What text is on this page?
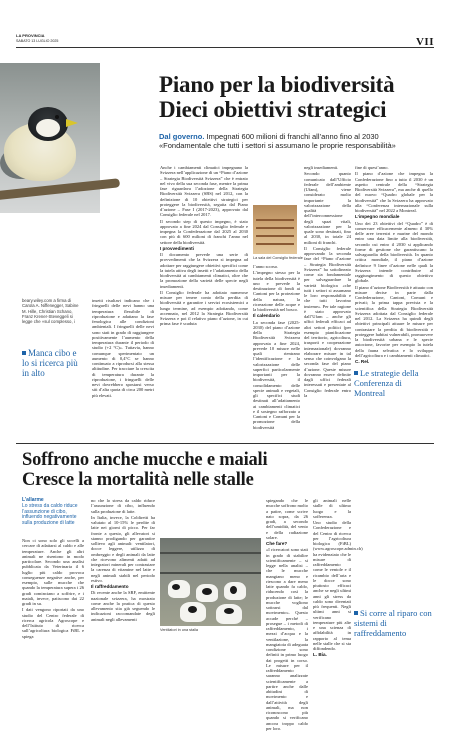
LA PROVINCIA
SABATO 13 LUGLIO 2025	VII
Piano per la biodiversità
Dieci obiettivi strategici
Dal governo. Impegnati 600 milioni di franchi all’anno fino al 2030
«Fondamentale che tutti i settori si assumano le proprie responsabilità»
beary.wiley.com a firma di Carola A. Niffenegger, Sabine M. Hille, Christian Schano, Franz Krener-Steveggeli si legge che «sul complesso, i
Manca cibo e lo si ricerca più in alto

insetti risultavi indicano che i fringuelli delle nevi hanno una temperatura flessibile di riproduzione e adattano la fase fenologica alle condizioni ambientali. I fringuelli delle nevi sono stati in grado di raggiungere positivamente l’aumento della temperatura durante il periodo di studio (+2 °C)». Tuttavia, hanno comunque sperimentato un aumento di 0,4°C se hanno continuato a riprodursi alla stessa altitudine. Per tracciare la crescita di temperatura durante la riproduzione, i fringuelli delle nevi dovrebbero spostarsi verso siti d’alta quota di circa 200 metri più elevati.

Anche i cambiamenti climatici impegnano la Svizzera nell’applicazione di un “Piano d’azione – Strategia Biodiversità Svizzera” che è entrato nel vivo della sua seconda fase, mentre la prima fase riguardava l’adozione della Strategia Biodiversità Svizzera (SBS) nel 2012, con la definizione di 10 obiettivi strategici per proteggere la biodiversità, seguita dal Piano d’azione – Fase I (2017-2023), approvato dal Consiglio federale nel 2017.

Il secondo step di questo impegno, è stato approvato a fine 2024 dal Consiglio federale e impegna la Confederazione dal 2025 al 2030 con più di 600 milioni di franchi l’anno nel settore della biodiversità.

I provvedimenti

Il documento prevede una serie di provvedimenti che la Svizzera si impegna ad adottare per raggiungere obiettivi specifici come la tutela attiva degli insetti e l’adattamento della biodiversità ai cambiamenti climatici, oltre che la promozione della varietà delle specie negli insediamenti.

Il Consiglio federale ha adottato numerose misure per tenere conto della perdita di biodiversità e garantire i servizi ecosistemici a lungo termine, ad esempio adottando, come accennato, nel 2012 la Strategia Biodiversità Svizzera e poi il relativo piano d’azione, in cui prima fase è scaduta

La sala del Consiglio federale

l’anno scorso.

L’impegno stesso per la tutela della biodiversità è uno e prevede la destinazione di fondi ai Cantoni per la protezione della natura, la ricreazione delle acque e la biodiversità nel bosco.

Il calendario

La seconda fase (2025-2030) del piano d’azione della Strategia Biodiversità Svizzera approvata a fine 2024, prevede 10 misure nelle quali rientrano l’identificazione e la valorizzazione delle superfici particolarmente importanti per la biodiversità, il consolidamento delle specie animali e vegetali, gli specifici studi destinati all’adattamento ai cambiamenti climatici e il sostegno rafforzato a Cantoni e Comuni per la promozione della biodiversità

negli insediamenti.

Secondo quanto comunicato dall’Ufficio federale dell’ambiente (Ufam), viene considerato molto importante la valorizzazione della qualità dell’interconnessione degli spazi vitali, valorizzazione per la quale sono destinati, fino al 2030, in totale 24 milioni di franchi.

Il Consiglio federale approvando la seconda fase del “Piano d’azione – Strategia Biodiversità Svizzera” ha sottolineato come sia fondamentale per salvaguardare la varietà biologica «che tutti i settori si assumano le loro responsabilità e che tutti lavorino insieme». Per tale ragione è stato approvato dall’Ufam – anche gli uffici federali efficaci ad altri settori politici (per esempio pianificazione del territorio, agricoltura, trasporti e cooperazione internazionale) dovranno elaborare misure in tal senso che coinvolgano la seconda fase del piano d’azione. Queste misure dovranno essere definite dagli uffici federali interessati e presentate al Consiglio federale entro la

fine di quest’anno.

Il piano d’azione che impegna la Confederazione fino a tutto il 2030 è un aspetto centrale della “Strategia Biodiversità Svizzera”, ma anche di quello del nuovo “Quadro globale per la biodiversità” che la Svizzera ha approvato alla “Conferenza internazionale sulla biodiversità” nel 2022 a Montreal.

L’impegno mondiale

Uno dei 23 obiettivi del “Quadro” è di conservare efficacemente almeno il 30% delle aree terrestri e marine del mondo entro una data limite alla biodiversità, secondo cui entro il 2030 si applicando forme di gestione che garantiscano la salvaguardia della biodiversità. In quanto critica mondiale, il piano d’azione definisce 9 linee d’azione nelle quali la Svizzera intende contribuire al raggiungimento di questo obiettivo globale.

Il piano d’azione Biodiversità è attuato con misure decise in parte dalla Confederazione, Cantoni, Comuni e privati; la prima tappa prevista e la scientifica della Strategia Biodiversità Svizzera adottata dal Consiglio federale nel 2012. La Svizzera ha quindi degli obiettivi principali attuare le misure per contrastare la perdita di biodiversità e proteggere habitat vulnerabili, promuovere la biodiversità urbana e le specie autoctone, favorire per esempio la tutela della fauna selvatica e lo sviluppo dell’agricoltura e i cambiamenti climatici.

C. Rel.

Le strategie della Conferenza di Montreal
Soffrono anche mucche e maiali
Cresce la mortalità nelle stalle
L’allarme
Lo stress da caldo riduce l’assunzione di cibo, influendo negativamente sulla produzione di latte

Non ci sono solo gli uccelli a cercare di adattarsi al caldo e alle temperature. Anche gli altri animali ne risentono in modo particolare. Secondo una analisi pubblicata da Veterinaria il 6 luglio più caldo provoca conseguenze negative anche, per esempio, sulle mucche che quando la temperatura supera i 26 gradi cominciano a soffrire, e i maiali, invece, patiscono dai 22 gradi in su.

I dati vengono riportati da uno studio del Centro federale di ricerca agricola Agroscope e dell’Istituto di ricerca sull’agricoltura biologica FiBL e spiega

no che lo stress da caldo riduce l’assunzione di cibo, influendo sulla produzione di latte.

In Italia, invece, la Coldiretti ha valutato al 10-15% le perdite di latte nei giorni di picco. Per far fronte a questo, gli allevatori si stanno prodigando per garantire sollievo agli animali: ventilatori, docce leggere, utilizzo di ombreggio e degli animali da latte che ricevono alimenti adatti ad integratori minerali per contrastare la carenza di vitamine nel latte e negli animali stabili nel periodo estivo.

Il raffreddamento

Di recente anche la SRF, emittente nazionale svizzera, ha mostrato come anche la pratica di questo allevamento stia già seguendo le indicazioni raccomandate degli animali negli allevamenti

Ventilatori in una stalla

spiegando che le mucche soffrono molto a patire, come scrive nato sopra, da 26 gradi, a secondo dell’umidità, del vento e della radiazione solare.

Che fare?

«I ricercatori sono stati in grado di stabilire scientificamente – si legge nella analisi – che le mucche mangiano meno e riescono a dare meno latte quando fa caldo, riducendo così la produzione di latte; le mucche vogliono sottrarsi dal movimento». Questo accade perché – prosegue – i metodi di raffreddamento, i mezzi d’acqua e la ventilazione, la mangiatoia di adeguata condizione sono definiti in primo luogo dai progetti in corso. Le misure per il raffreddamento saranno analizzate scientificamente a partire anche dalle abitudini di movimento e dall’attività degli animali, ma non riconoscono più quando si verificano ancora troppo caldo per loro.

gli animali nelle stalle di ultimo luogo e la sofferenza.

Uno studio della Confederazione e del Centro di ricerca per l’agricoltura biologica (FiBL) (www.agroscope.admin.ch) ha evidenziato che le misure di raffreddamento come le ventole e il ricambio dell’aria e le docce sono piuttosto efficaci anche se negli ultimi anni gli stress da caldo sono diventati più frequenti. Negli ultimi anni si verificano temperature più alte e una scienza di affidabilità in rapporto al tema nelle stalle che si sta diffondendo.

L. Bia.

Si corre al riparo con sistemi di raffreddamento
